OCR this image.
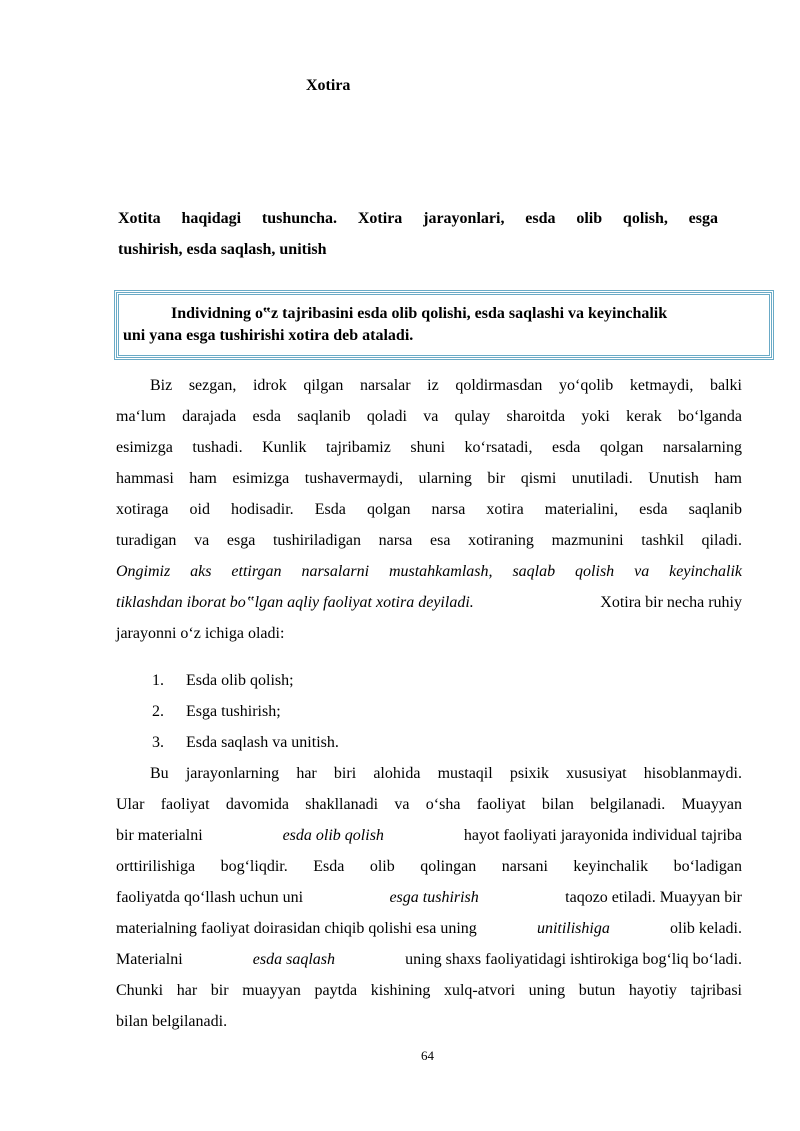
Xotira
Xotita haqidagi tushuncha. Xotira jarayonlari, esda olib qolish, esga
tushirish, esda saqlash, unitish
Individning o‟z tajribasini esda olib qolishi, esda saqlashi va keyinchalik
uni yana esga tushirishi xotira deb ataladi.
Biz sezgan, idrok qilgan narsalar iz qoldirmasdan yo‘qolib ketmaydi, balki
ma‘lum darajada esda saqlanib qoladi va qulay sharoitda yoki kerak bo‘lganda
esimizga tushadi. Kunlik tajribamiz shuni ko‘rsatadi, esda qolgan narsalarning
hammasi ham esimizga tushavermaydi, ularning bir qismi unutiladi. Unutish ham
xotiraga oid hodisadir. Esda qolgan narsa xotira materialini, esda saqlanib
turadigan va esga tushiriladigan narsa esa xotiraning mazmunini tashkil qiladi.
Ongimiz aks ettirgan narsalarni mustahkamlash, saqlab qolish va keyinchalik
tiklashdan iborat bo‟lgan aqliy faoliyat xotira deyiladi.	Xotira bir necha ruhiy
jarayonni o‘z ichiga oladi:
1. Esda olib qolish;
2. Esga tushirish;
3. Esda saqlash va unitish.
Bu jarayonlarning har biri alohida mustaqil psixik xususiyat hisoblanmaydi.
Ular faoliyat davomida shakllanadi va o‘sha faoliyat bilan belgilanadi. Muayyan
bir materialni	esda olib qolish	hayot faoliyati jarayonida individual tajriba
orttirilishiga bog‘liqdir. Esda olib qolingan narsani keyinchalik bo‘ladigan
faoliyatda qo‘llash uchun uni	esga tushirish	taqozo etiladi. Muayyan bir
materialning faoliyat doirasidan chiqib qolishi esa uning	unitilishiga	olib keladi.
Materialni	esda saqlash	uning shaxs faoliyatidagi ishtirokiga bog‘liq bo‘ladi.
Chunki har bir muayyan paytda kishining xulq-atvori uning butun hayotiy tajribasi
bilan belgilanadi.
64
